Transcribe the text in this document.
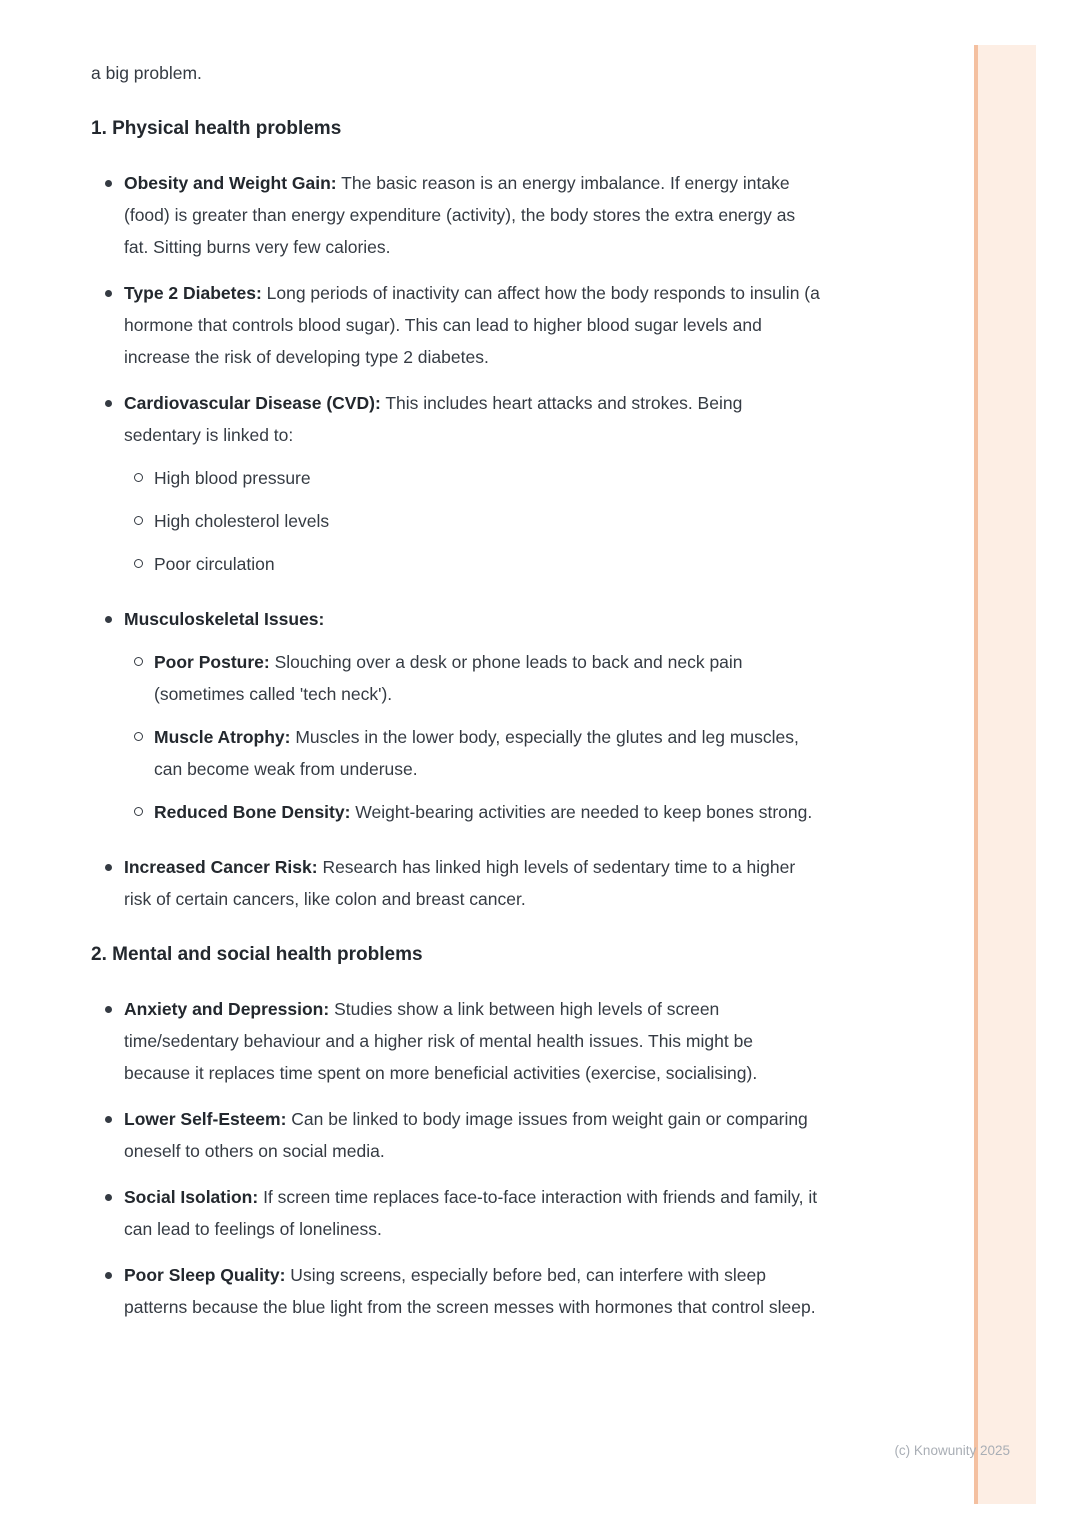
a big problem.

1. Physical health problems

Obesity and Weight Gain: The basic reason is an energy imbalance. If energy intake (food) is greater than energy expenditure (activity), the body stores the extra energy as fat. Sitting burns very few calories.

Type 2 Diabetes: Long periods of inactivity can affect how the body responds to insulin (a hormone that controls blood sugar). This can lead to higher blood sugar levels and increase the risk of developing type 2 diabetes.

Cardiovascular Disease (CVD): This includes heart attacks and strokes. Being sedentary is linked to:

High blood pressure

High cholesterol levels

Poor circulation

Musculoskeletal Issues:

Poor Posture: Slouching over a desk or phone leads to back and neck pain (sometimes called 'tech neck').

Muscle Atrophy: Muscles in the lower body, especially the glutes and leg muscles, can become weak from underuse.

Reduced Bone Density: Weight-bearing activities are needed to keep bones strong.

Increased Cancer Risk: Research has linked high levels of sedentary time to a higher risk of certain cancers, like colon and breast cancer.

2. Mental and social health problems

Anxiety and Depression: Studies show a link between high levels of screen time/sedentary behaviour and a higher risk of mental health issues. This might be because it replaces time spent on more beneficial activities (exercise, socialising).

Lower Self-Esteem: Can be linked to body image issues from weight gain or comparing oneself to others on social media.

Social Isolation: If screen time replaces face-to-face interaction with friends and family, it can lead to feelings of loneliness.

Poor Sleep Quality: Using screens, especially before bed, can interfere with sleep patterns because the blue light from the screen messes with hormones that control sleep.

(c) Knowunity 2025
